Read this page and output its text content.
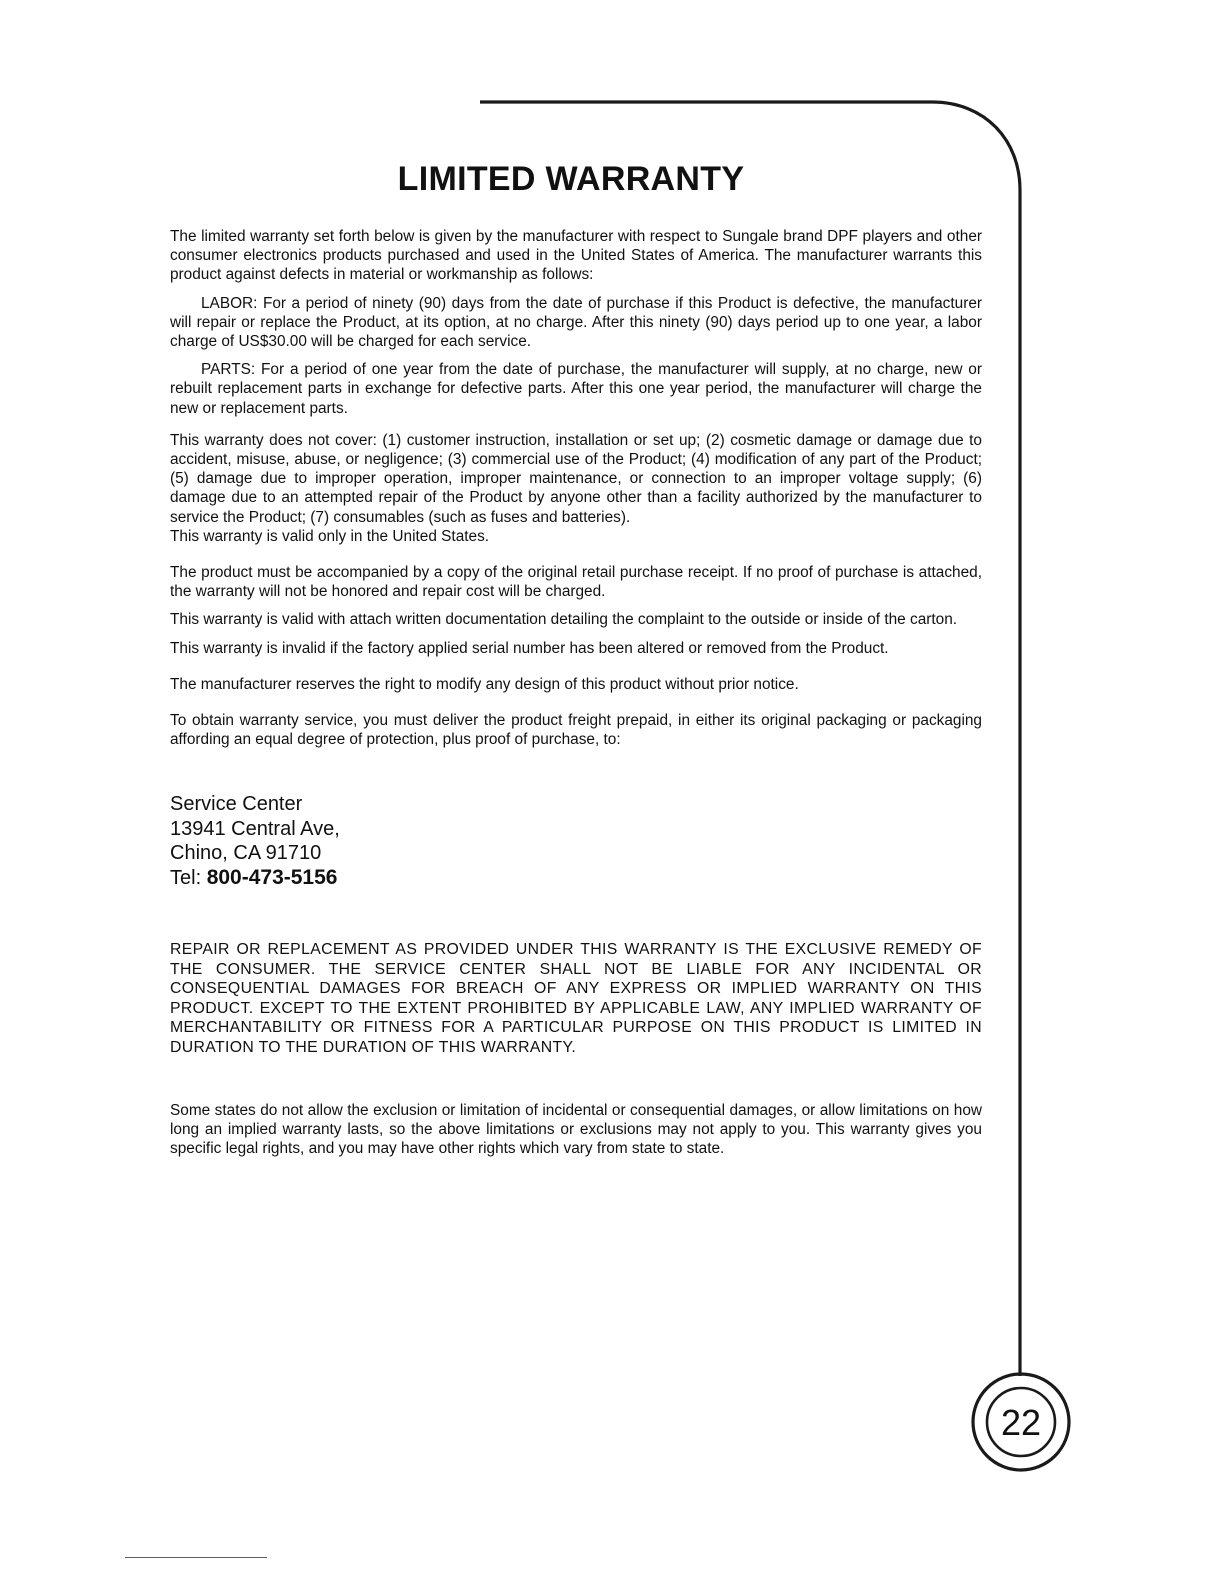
LIMITED WARRANTY

The limited warranty set forth below is given by the manufacturer with respect to Sungale brand DPF players and other consumer electronics products purchased and used in the United States of America. The manufacturer warrants this product against defects in material or workmanship as follows:

LABOR: For a period of ninety (90) days from the date of purchase if this Product is defective, the manufacturer will repair or replace the Product, at its option, at no charge. After this ninety (90) days period up to one year, a labor charge of US$30.00 will be charged for each service.

PARTS: For a period of one year from the date of purchase, the manufacturer will supply, at no charge, new or rebuilt replacement parts in exchange for defective parts. After this one year period, the manufacturer will charge the new or replacement parts.

This warranty does not cover: (1) customer instruction, installation or set up; (2) cosmetic damage or damage due to accident, misuse, abuse, or negligence; (3) commercial use of the Product; (4) modification of any part of the Product; (5) damage due to improper operation, improper maintenance, or connection to an improper voltage supply; (6) damage due to an attempted repair of the Product by anyone other than a facility authorized by the manufacturer to service the Product; (7) consumables (such as fuses and batteries).

This warranty is valid only in the United States.

The product must be accompanied by a copy of the original retail purchase receipt. If no proof of purchase is attached, the warranty will not be honored and repair cost will be charged.

This warranty is valid with attach written documentation detailing the complaint to the outside or inside of the carton.

This warranty is invalid if the factory applied serial number has been altered or removed from the Product.

The manufacturer reserves the right to modify any design of this product without prior notice.

To obtain warranty service, you must deliver the product freight prepaid, in either its original packaging or packaging affording an equal degree of protection, plus proof of purchase, to:

Service Center
13941 Central Ave,
Chino, CA 91710
Tel: 800-473-5156

REPAIR OR REPLACEMENT AS PROVIDED UNDER THIS WARRANTY IS THE EXCLUSIVE REMEDY OF THE CONSUMER. THE SERVICE CENTER SHALL NOT BE LIABLE FOR ANY INCIDENTAL OR CONSEQUENTIAL DAMAGES FOR BREACH OF ANY EXPRESS OR IMPLIED WARRANTY ON THIS PRODUCT. EXCEPT TO THE EXTENT PROHIBITED BY APPLICABLE LAW, ANY IMPLIED WARRANTY OF MERCHANTABILITY OR FITNESS FOR A PARTICULAR PURPOSE ON THIS PRODUCT IS LIMITED IN DURATION TO THE DURATION OF THIS WARRANTY.

Some states do not allow the exclusion or limitation of incidental or consequential damages, or allow limitations on how long an implied warranty lasts, so the above limitations or exclusions may not apply to you. This warranty gives you specific legal rights, and you may have other rights which vary from state to state.

22
